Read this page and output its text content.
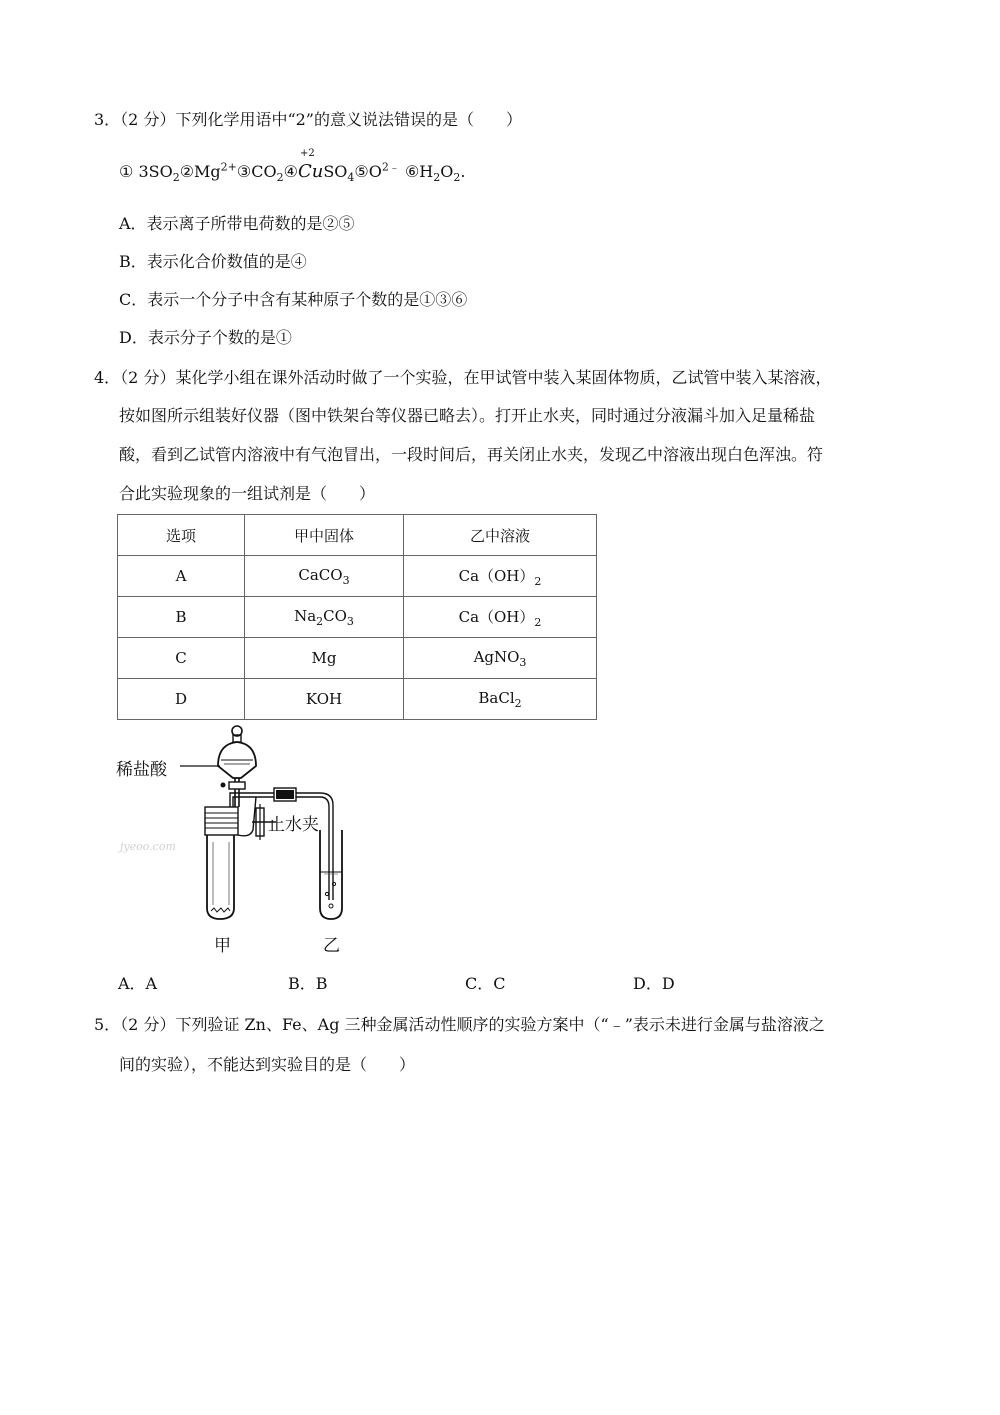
3．（2 分）下列化学用语中“2”的意义说法错误的是（　　）
① $3SO_2②Mg^{2+}③CO_2④$
+2
$CuSO_4⑤O^{2﹣}$ $⑥H_2O_2$.
A．表示离子所带电荷数的是②⑤
B．表示化合价数值的是④
C．表示一个分子中含有某种原子个数的是①③⑥
D．表示分子个数的是①
4．（2 分）某化学小组在课外活动时做了一个实验，在甲试管中装入某固体物质，乙试管中装入某溶液，
按如图所示组装好仪器（图中铁架台等仪器已略去）。打开止水夹，同时通过分液漏斗加入足量稀盐
酸，看到乙试管内溶液中有气泡冒出，一段时间后，再关闭止水夹，发现乙中溶液出现白色浑浊。符
合此实验现象的一组试剂是（　　）
选项	甲中固体	乙中溶液
A	CaCO$_3$	$Ca(OH)_2$
B	$Na_2CO_3$	$Ca(OH)_2$
C	Mg	AgNO$_3$
D	KOH	BaCl$_2$
稀盐酸
止水夹
甲	乙
jyeoo.com
A．A	B．B	C．C	D．D
5．（2 分）下列验证 Zn、Fe、Ag 三种金属活动性顺序的实验方案中（“﹣”表示未进行金属与盐溶液之
间的实验），不能达到实验目的是（　　）
